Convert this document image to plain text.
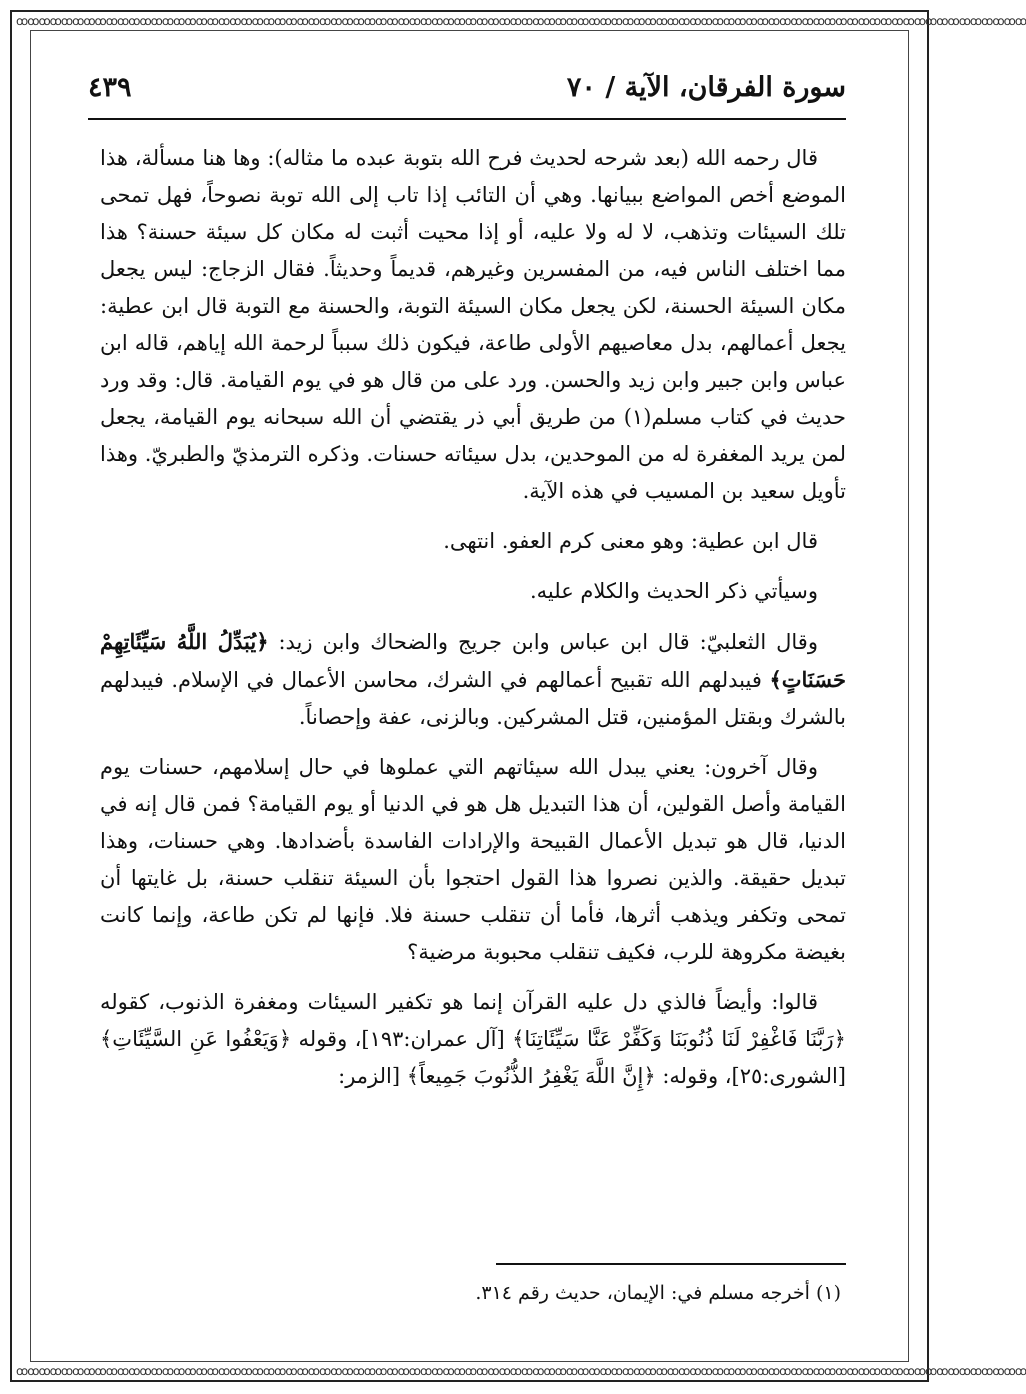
ꝏꝏꝏꝏꝏꝏꝏꝏꝏꝏꝏꝏꝏꝏꝏꝏꝏꝏꝏꝏꝏꝏꝏꝏꝏꝏꝏꝏꝏꝏꝏꝏꝏꝏꝏꝏꝏꝏꝏꝏꝏꝏꝏꝏꝏꝏꝏꝏꝏꝏꝏꝏꝏꝏꝏꝏꝏꝏꝏꝏꝏꝏꝏꝏꝏꝏꝏꝏꝏꝏꝏꝏꝏꝏꝏꝏꝏꝏꝏꝏꝏꝏꝏꝏꝏꝏꝏꝏꝏꝏ
ꝏꝏꝏꝏꝏꝏꝏꝏꝏꝏꝏꝏꝏꝏꝏꝏꝏꝏꝏꝏꝏꝏꝏꝏꝏꝏꝏꝏꝏꝏꝏꝏꝏꝏꝏꝏꝏꝏꝏꝏꝏꝏꝏꝏꝏꝏꝏꝏꝏꝏꝏꝏꝏꝏꝏꝏꝏꝏꝏꝏꝏꝏꝏꝏꝏꝏꝏꝏꝏꝏꝏꝏꝏꝏꝏꝏꝏꝏꝏꝏꝏꝏꝏꝏꝏꝏꝏꝏꝏꝏ
سورة الفرقان، الآية / ٧٠
٤٣٩

قال رحمه الله (بعد شرحه لحديث فرح الله بتوبة عبده ما مثاله): وها هنا مسألة، هذا الموضع أخص المواضع ببيانها. وهي أن التائب إذا تاب إلى الله توبة نصوحاً، فهل تمحى تلك السيئات وتذهب، لا له ولا عليه، أو إذا محيت أثبت له مكان كل سيئة حسنة؟ هذا مما اختلف الناس فيه، من المفسرين وغيرهم، قديماً وحديثاً. فقال الزجاج: ليس يجعل مكان السيئة الحسنة، لكن يجعل مكان السيئة التوبة، والحسنة مع التوبة قال ابن عطية: يجعل أعمالهم، بدل معاصيهم الأولى طاعة، فيكون ذلك سبباً لرحمة الله إياهم، قاله ابن عباس وابن جبير وابن زيد والحسن. ورد على من قال هو في يوم القيامة. قال: وقد ورد حديث في كتاب مسلم(١) من طريق أبي ذر يقتضي أن الله سبحانه يوم القيامة، يجعل لمن يريد المغفرة له من الموحدين، بدل سيئاته حسنات. وذكره الترمذيّ والطبريّ. وهذا تأويل سعيد بن المسيب في هذه الآية.

قال ابن عطية: وهو معنى كرم العفو. انتهى.

وسيأتي ذكر الحديث والكلام عليه.

وقال الثعلبيّ: قال ابن عباس وابن جريج والضحاك وابن زيد: ﴿يُبَدِّلُ اللَّهُ سَيِّئَاتِهِمْ حَسَنَاتٍ﴾ فيبدلهم الله تقبيح أعمالهم في الشرك، محاسن الأعمال في الإسلام. فيبدلهم بالشرك وبقتل المؤمنين، قتل المشركين. وبالزنى، عفة وإحصاناً.

وقال آخرون: يعني يبدل الله سيئاتهم التي عملوها في حال إسلامهم، حسنات يوم القيامة وأصل القولين، أن هذا التبديل هل هو في الدنيا أو يوم القيامة؟ فمن قال إنه في الدنيا، قال هو تبديل الأعمال القبيحة والإرادات الفاسدة بأضدادها. وهي حسنات، وهذا تبديل حقيقة. والذين نصروا هذا القول احتجوا بأن السيئة تنقلب حسنة، بل غايتها أن تمحى وتكفر ويذهب أثرها، فأما أن تنقلب حسنة فلا. فإنها لم تكن طاعة، وإنما كانت بغيضة مكروهة للرب، فكيف تنقلب محبوبة مرضية؟

قالوا: وأيضاً فالذي دل عليه القرآن إنما هو تكفير السيئات ومغفرة الذنوب، كقوله ﴿رَبَّنَا فَاغْفِرْ لَنَا ذُنُوبَنَا وَكَفِّرْ عَنَّا سَيِّئَاتِنَا﴾ [آل عمران:١٩٣]، وقوله ﴿وَيَعْفُوا عَنِ السَّيِّئَاتِ﴾ [الشورى:٢٥]، وقوله: ﴿إِنَّ اللَّهَ يَغْفِرُ الذُّنُوبَ جَمِيعاً﴾ [الزمر:

(١) أخرجه مسلم في: الإيمان، حديث رقم ٣١٤.
